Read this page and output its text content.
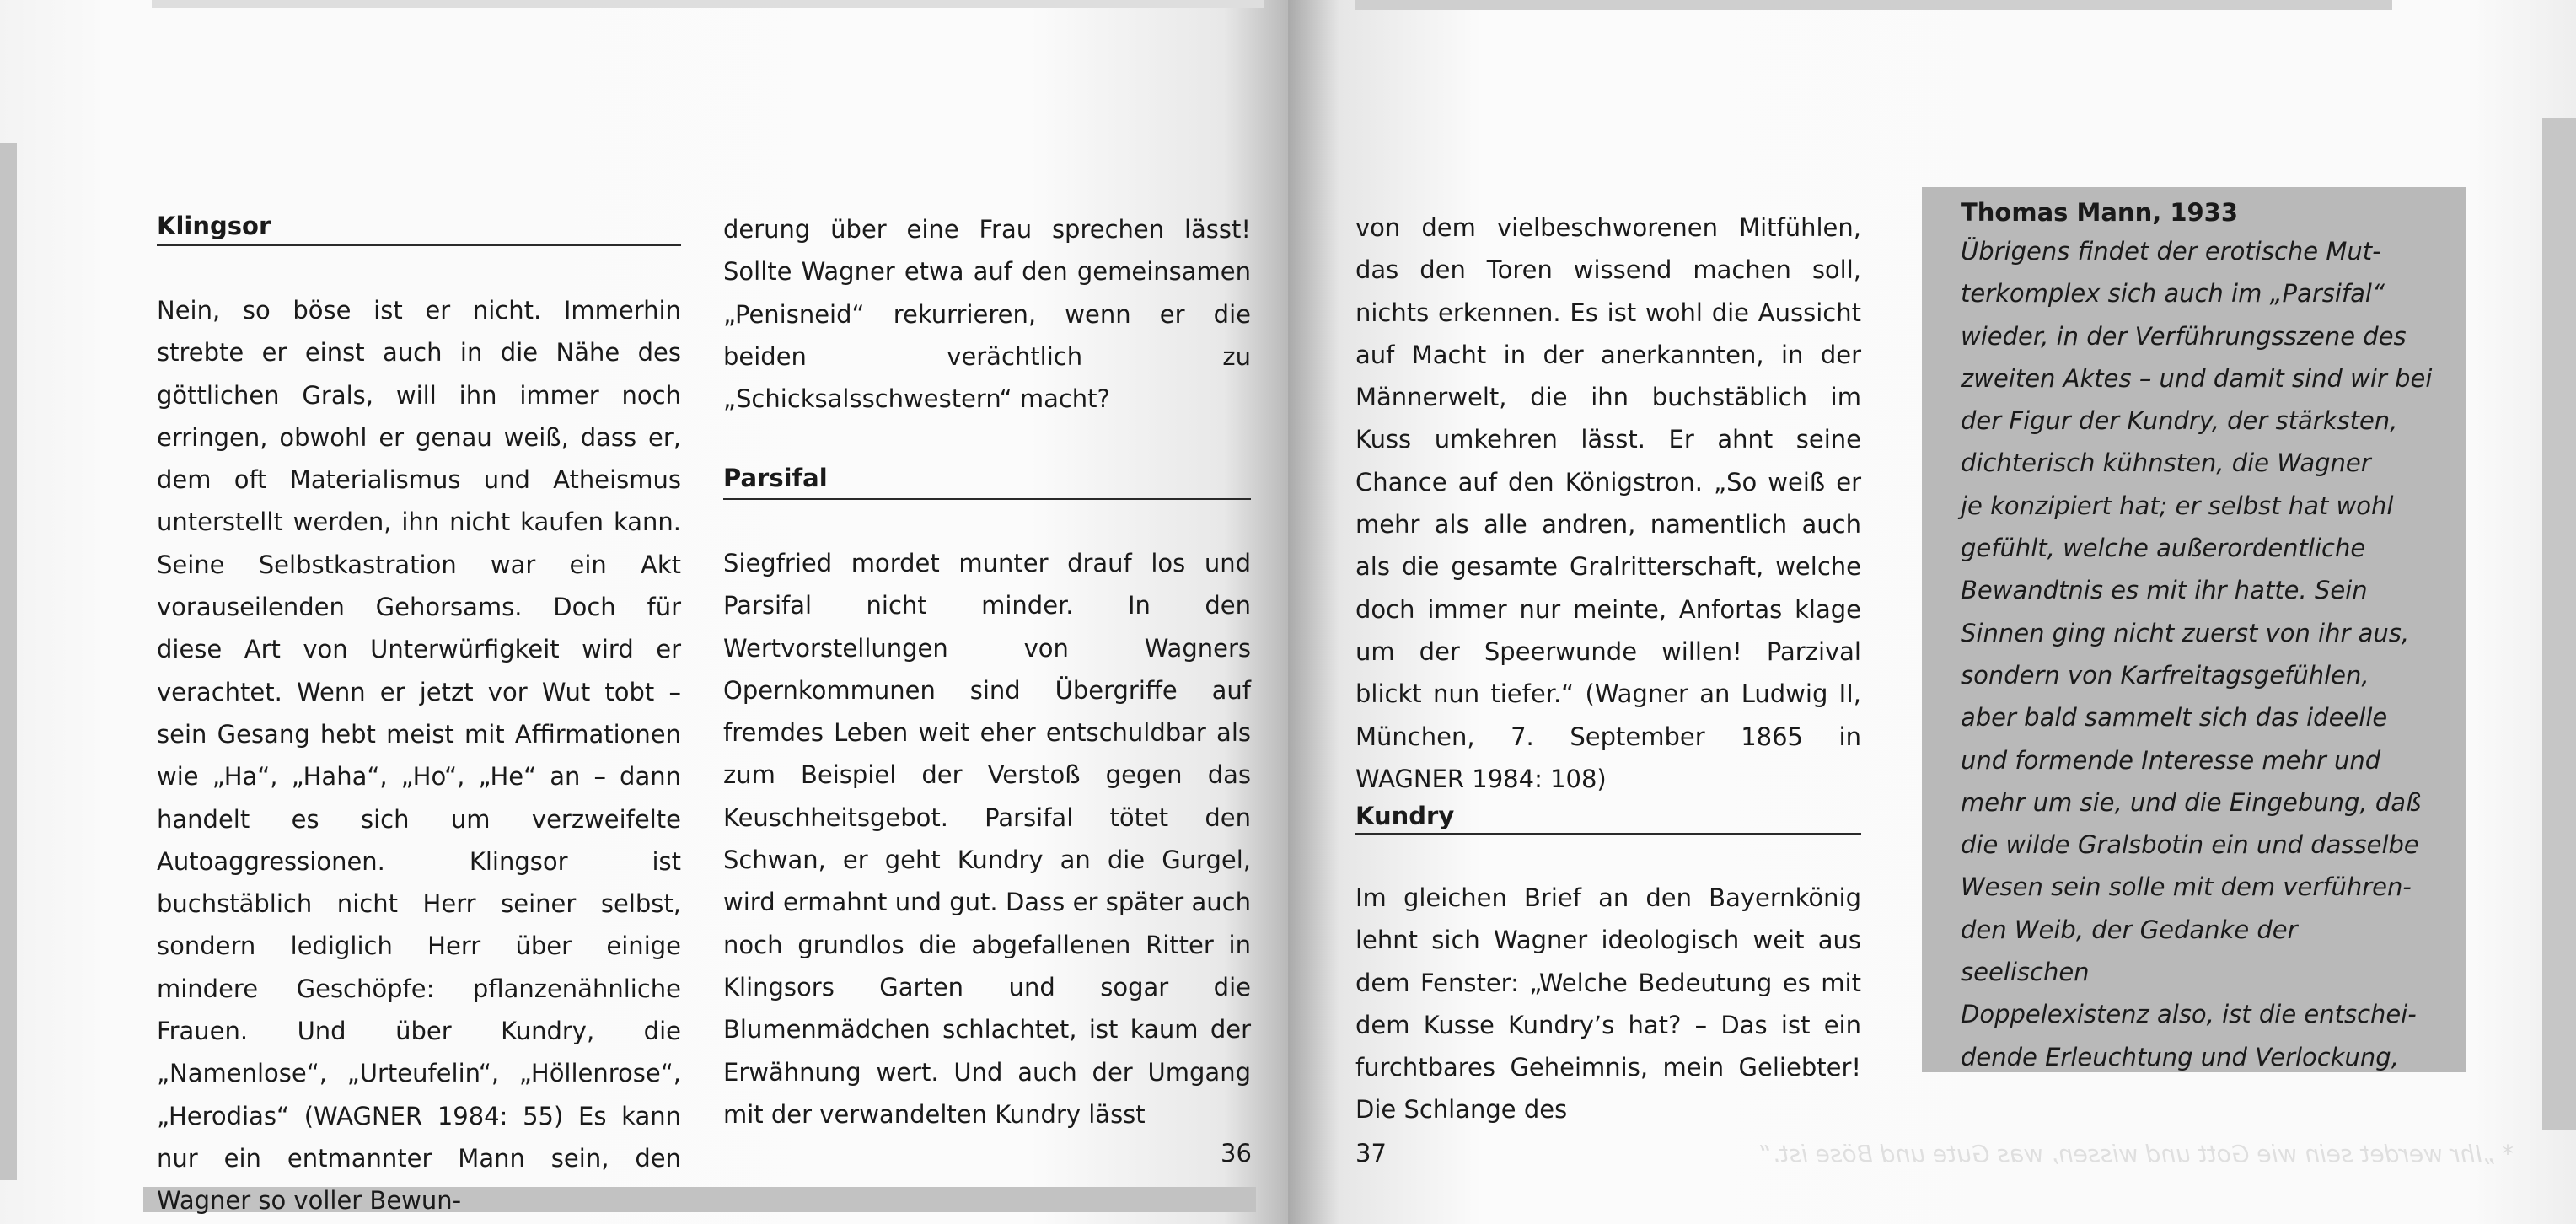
Klingsor

Nein, so böse ist er nicht. Immerhin strebte er einst auch in die Nähe des göttlichen Grals, will ihn immer noch erringen, obwohl er genau weiß, dass er, dem oft Materialismus und Atheismus unterstellt werden, ihn nicht kaufen kann. Seine Selbstkastration war ein Akt vorauseilenden Gehorsams. Doch für diese Art von Unterwürfigkeit wird er verachtet. Wenn er jetzt vor Wut tobt – sein Gesang hebt meist mit Affirmationen wie „Ha“, „Haha“, „Ho“, „He“ an – dann handelt es sich um verzweifelte Autoaggressionen. Klingsor ist buchstäblich nicht Herr seiner selbst, sondern lediglich Herr über einige mindere Geschöpfe: pflanzenähnliche Frauen. Und über Kundry, die „Namenlose“, „Urteufelin“, „Höllenrose“, „Herodias“ (WAGNER 1984: 55) Es kann nur ein entmannter Mann sein, den Wagner so voller Bewun-

derung über eine Frau sprechen lässt! Sollte Wagner etwa auf den gemeinsamen „Penisneid“ rekurrieren, wenn er die beiden verächtlich zu „Schicksalsschwestern“ macht?

Parsifal

Siegfried mordet munter drauf los und Parsifal nicht minder. In den Wertvorstellungen von Wagners Opernkommunen sind Übergriffe auf fremdes Leben weit eher entschuldbar als zum Beispiel der Verstoß gegen das Keuschheitsgebot. Parsifal tötet den Schwan, er geht Kundry an die Gurgel, wird ermahnt und gut. Dass er später auch noch grundlos die abgefallenen Ritter in Klingsors Garten und sogar die Blumenmädchen schlachtet, ist kaum der Erwähnung wert. Und auch der Umgang mit der verwandelten Kundry lässt

36

von dem vielbeschworenen Mitfühlen, das den Toren wissend machen soll, nichts erkennen. Es ist wohl die Aussicht auf Macht in der anerkannten, in der Männerwelt, die ihn buchstäblich im Kuss umkehren lässt. Er ahnt seine Chance auf den Königstron. „So weiß er mehr als alle andren, namentlich auch als die gesamte Gralritterschaft, welche doch immer nur meinte, Anfortas klage um der Speerwunde willen! Parzival blickt nun tiefer.“ (Wagner an Ludwig II, München, 7. September 1865 in WAGNER 1984: 108)

Kundry

Im gleichen Brief an den Bayernkönig lehnt sich Wagner ideologisch weit aus dem Fenster: „Welche Bedeutung es mit dem Kusse Kundry’s hat? – Das ist ein furchtbares Geheimnis, mein Geliebter! Die Schlange des

Thomas Mann, 1933
Übrigens findet der erotische Mut-
terkomplex sich auch im „Parsifal“
wieder, in der Verführungsszene des
zweiten Aktes – und damit sind wir bei
der Figur der Kundry, der stärksten,
dichterisch kühnsten, die Wagner
je konzipiert hat; er selbst hat wohl
gefühlt, welche außerordentliche
Bewandtnis es mit ihr hatte. Sein
Sinnen ging nicht zuerst von ihr aus,
sondern von Karfreitagsgefühlen,
aber bald sammelt sich das ideelle
und formende Interesse mehr und
mehr um sie, und die Eingebung, daß
die wilde Gralsbotin ein und dasselbe
Wesen sein solle mit dem verführen-
den Weib, der Gedanke der seelischen
Doppelexistenz also, ist die entschei-
dende Erleuchtung und Verlockung,
37	* „Ihr werdet sein wie Gott und wissen, was Gute und Böse ist.“
